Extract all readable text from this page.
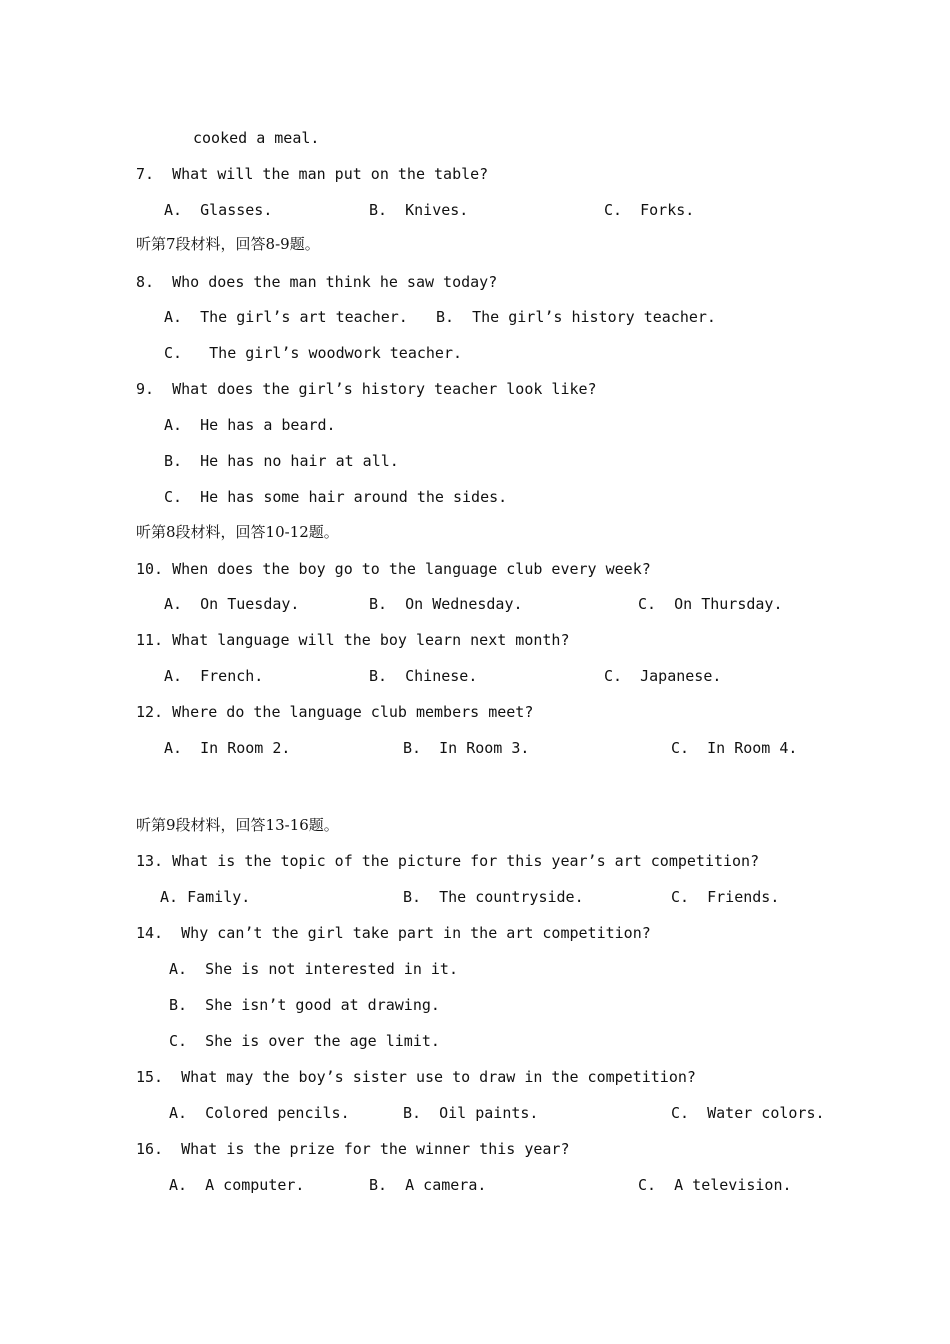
cooked a meal.
7.  What will the man put on the table?
A.  Glasses.	B.  Knives.	C.  Forks.
听第7段材料，回答8-9题。
8.  Who does the man think he saw today?
A.  The girl’s art teacher. B.  The girl’s history teacher.
C.   The girl’s woodwork teacher.
9.  What does the girl’s history teacher look like?
A.  He has a beard.
B.  He has no hair at all.
C.  He has some hair around the sides.
听第8段材料，回答10-12题。
10. When does the boy go to the language club every week?
A.  On Tuesday.	B.  On Wednesday.	C.  On Thursday.
11. What language will the boy learn next month?
A.  French.	B.  Chinese.	C.  Japanese.
12. Where do the language club members meet?
A.  In Room 2.	B.  In Room 3.	C.  In Room 4.
听第9段材料，回答13-16题。
13. What is the topic of the picture for this year’s art competition?
A. Family.	B.  The countryside.	C.  Friends.
14.  Why can’t the girl take part in the art competition?
A.  She is not interested in it.
B.  She isn’t good at drawing.
C.  She is over the age limit.
15.  What may the boy’s sister use to draw in the competition?
A.  Colored pencils.	B.  Oil paints.	C.  Water colors.
16.  What is the prize for the winner this year?
A.  A computer.	B.  A camera.	C.  A television.
